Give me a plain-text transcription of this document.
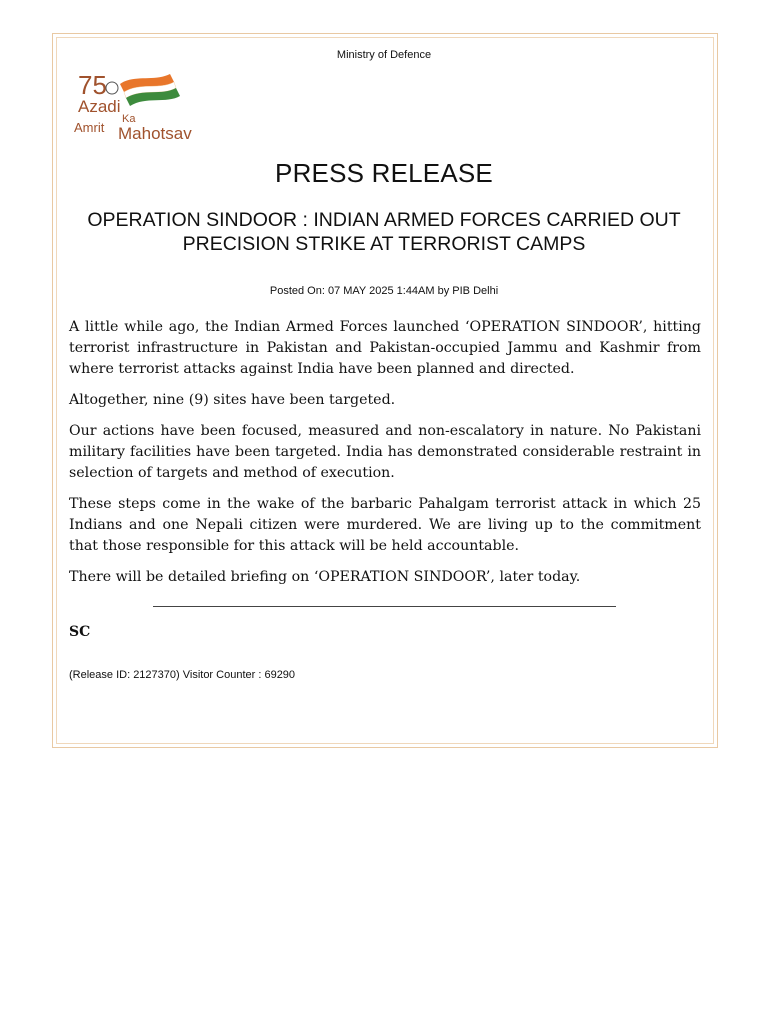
Ministry of Defence
75
Azadi
Ka
Amrit Mahotsav
PRESS RELEASE
OPERATION SINDOOR : INDIAN ARMED FORCES CARRIED OUT PRECISION STRIKE AT TERRORIST CAMPS
Posted On: 07 MAY 2025 1:44AM by PIB Delhi

A little while ago, the Indian Armed Forces launched ‘OPERATION SINDOOR’, hitting terrorist infrastructure in Pakistan and Pakistan-occupied Jammu and Kashmir from where terrorist attacks against India have been planned and directed.

Altogether, nine (9) sites have been targeted.

Our actions have been focused, measured and non-escalatory in nature. No Pakistani military facilities have been targeted. India has demonstrated considerable restraint in selection of targets and method of execution.

These steps come in the wake of the barbaric Pahalgam terrorist attack in which 25 Indians and one Nepali citizen were murdered. We are living up to the commitment that those responsible for this attack will be held accountable.

There will be detailed briefing on ‘OPERATION SINDOOR’, later today.

SC
(Release ID: 2127370) Visitor Counter : 69290
